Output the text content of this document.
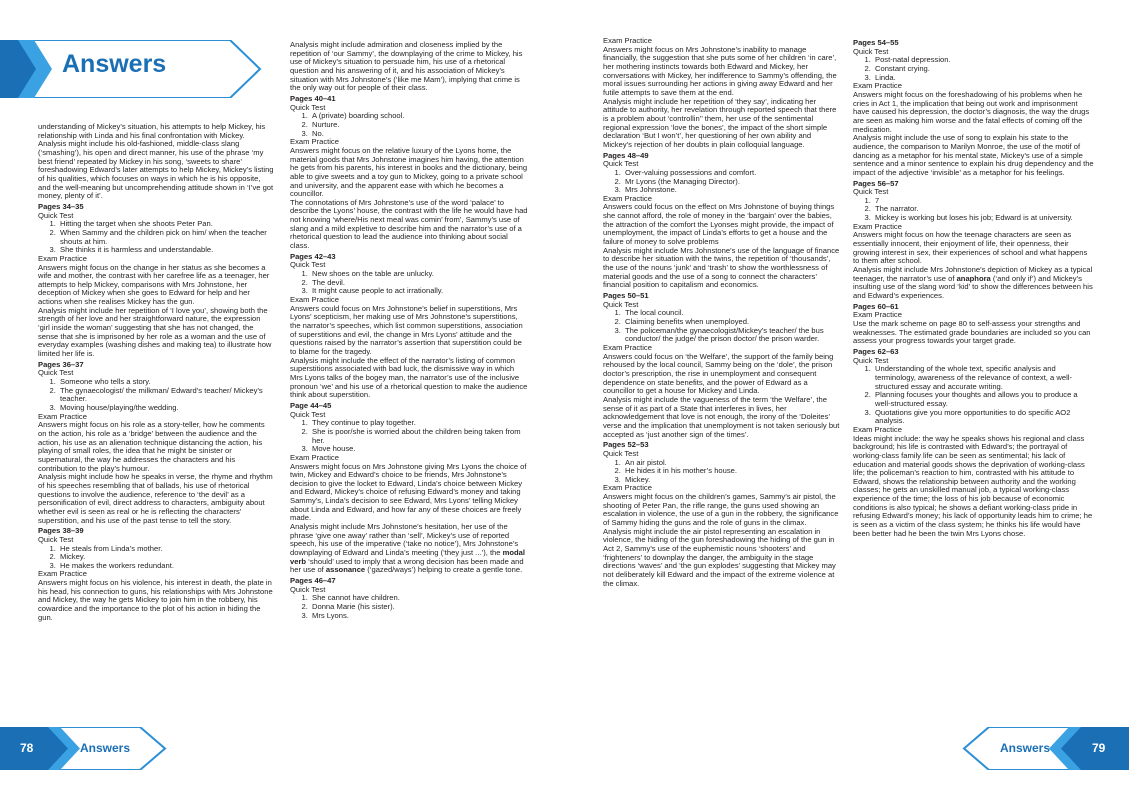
Answers

understanding of Mickey’s situation, his attempts to help Mickey, his relationship with Linda and his final confrontation with Mickey.

Analysis might include his old-fashioned, middle-class slang (‘smashing’), his open and direct manner, his use of the phrase ‘my best friend’ repeated by Mickey in his song, ‘sweets to share’ foreshadowing Edward’s later attempts to help Mickey, Mickey’s listing of his qualities, which focuses on ways in which he is his opposite, and the well-meaning but uncomprehending attitude shown in ‘I’ve got money, plenty of it’.

Pages 34–35

Quick Test

1. Hitting the target when she shoots Peter Pan.
2. When Sammy and the children pick on him/ when the teacher shouts at him.
3. She thinks it is harmless and understandable.

Exam Practice

Answers might focus on the change in her status as she becomes a wife and mother, the contrast with her carefree life as a teenager, her attempts to help Mickey, comparisons with Mrs Johnstone, her deception of Mickey when she goes to Edward for help and her actions when she realises Mickey has the gun.

Analysis might include her repetition of ‘I love you’, showing both the strength of her love and her straightforward nature, the expression ‘girl inside the woman’ suggesting that she has not changed, the sense that she is imprisoned by her role as a woman and the use of everyday examples (washing dishes and making tea) to illustrate how limited her life is.

Pages 36–37

Quick Test

1. Someone who tells a story.
2. The gynaecologist/ the milkman/ Edward’s teacher/ Mickey’s teacher.
3. Moving house/playing/the wedding.

Exam Practice

Answers might focus on his role as a story-teller, how he comments on the action, his role as a ‘bridge’ between the audience and the action, his use as an alienation technique distancing the action, his playing of small roles, the idea that he might be sinister or supernatural, the way he addresses the characters and his contribution to the play’s humour.

Analysis might include how he speaks in verse, the rhyme and rhythm of his speeches resembling that of ballads, his use of rhetorical questions to involve the audience, reference to ‘the devil’ as a personification of evil, direct address to characters, ambiguity about whether evil is seen as real or he is reflecting the characters’ superstition, and his use of the past tense to tell the story.

Pages 38–39

Quick Test

1. He steals from Linda’s mother.
2. Mickey.
3. He makes the workers redundant.

Exam Practice

Answers might focus on his violence, his interest in death, the plate in his head, his connection to guns, his relationships with Mrs Johnstone and Mickey, the way he gets Mickey to join him in the robbery, his cowardice and the importance to the plot of his action in hiding the gun.

Analysis might include admiration and closeness implied by the repetition of ‘our Sammy’, the downplaying of the crime to Mickey, his use of Mickey’s situation to persuade him, his use of a rhetorical question and his answering of it, and his association of Mickey’s situation with Mrs Johnstone’s (‘like me Mam’), implying that crime is the only way out for people of their class.

Pages 40–41

Quick Test

1. A (private) boarding school.
2. Nurture.
3. No.

Exam Practice

Answers might focus on the relative luxury of the Lyons home, the material goods that Mrs Johnstone imagines him having, the attention he gets from his parents, his interest in books and the dictionary, being able to give sweets and a toy gun to Mickey, going to a private school and university, and the apparent ease with which he becomes a councillor.

The connotations of Mrs Johnstone’s use of the word ‘palace’ to describe the Lyons’ house, the contrast with the life he would have had not knowing ‘where/His next meal was comin’ from’, Sammy’s use of slang and a mild expletive to describe him and the narrator’s use of a rhetorical question to lead the audience into thinking about social class.

Pages 42–43

Quick Test

1. New shoes on the table are unlucky.
2. The devil.
3. It might cause people to act irrationally.

Exam Practice

Answers could focus on Mrs Johnstone’s belief in superstitions, Mrs Lyons’ scepticism, her making use of Mrs Johnstone’s superstitions, the narrator’s speeches, which list common superstitions, association of superstitions and evil, the change in Mrs Lyons’ attitude and the questions raised by the narrator’s assertion that superstition could be to blame for the tragedy.

Analysis might include the effect of the narrator’s listing of common superstitions associated with bad luck, the dismissive way in which Mrs Lyons talks of the bogey man, the narrator’s use of the inclusive pronoun ‘we’ and his use of a rhetorical question to make the audience think about superstition.

Page 44–45

Quick Test

1. They continue to play together.
2. She is poor/she is worried about the children being taken from her.
3. Move house.

Exam Practice

Answers might focus on Mrs Johnstone giving Mrs Lyons the choice of twin, Mickey and Edward’s choice to be friends, Mrs Johnstone’s decision to give the locket to Edward, Linda’s choice between Mickey and Edward, Mickey’s choice of refusing Edward’s money and taking Sammy’s, Linda’s decision to see Edward, Mrs Lyons’ telling Mickey about Linda and Edward, and how far any of these choices are freely made.

Analysis might include Mrs Johnstone’s hesitation, her use of the phrase ‘give one away’ rather than ‘sell’, Mickey’s use of reported speech, his use of the imperative (‘take no notice’), Mrs Johnstone’s downplaying of Edward and Linda’s meeting (‘they just ...’), the modal verb ‘should’ used to imply that a wrong decision has been made and her use of assonance (‘gazed/ways’) helping to create a gentle tone.

Pages 46–47

Quick Test

1. She cannot have children.
2. Donna Marie (his sister).
3. Mrs Lyons.
78	Answers

Exam Practice

Answers might focus on Mrs Johnstone’s inability to manage financially, the suggestion that she puts some of her children ‘in care’, her mothering instincts towards both Edward and Mickey, her conversations with Mickey, her indifference to Sammy’s offending, the moral issues surrounding her actions in giving away Edward and her futile attempts to save them at the end.

Analysis might include her repetition of ‘they say’, indicating her attitude to authority, her revelation through reported speech that there is a problem about ‘controllin’’ them, her use of the sentimental regional expression ‘love the bones’, the impact of the short simple declaration ‘But I won’t’, her questioning of her own ability and Mickey’s rejection of her doubts in plain colloquial language.

Pages 48–49

Quick Test

1. Over-valuing possessions and comfort.
2. Mr Lyons (the Managing Director).
3. Mrs Johnstone.

Exam Practice

Answers could focus on the effect on Mrs Johnstone of buying things she cannot afford, the role of money in the ‘bargain’ over the babies, the attraction of the comfort the Lyonses might provide, the impact of unemployment, the impact of Linda’s efforts to get a house and the failure of money to solve problems

Analysis might include Mrs Johnstone’s use of the language of finance to describe her situation with the twins, the repetition of ‘thousands’, the use of the nouns ‘junk’ and ‘trash’ to show the worthlessness of material goods and the use of a song to connect the characters’ financial position to capitalism and economics.

Pages 50–51

Quick Test

1. The local council.
2. Claiming benefits when unemployed.
3. The policeman/the gynaecologist/Mickey’s teacher/ the bus conductor/ the judge/ the prison doctor/ the prison warder.

Exam Practice

Answers could focus on ‘the Welfare’, the support of the family being rehoused by the local council, Sammy being on the ‘dole’, the prison doctor’s prescription, the rise in unemployment and consequent dependence on state benefits, and the power of Edward as a councillor to get a house for Mickey and Linda.

Analysis might include the vagueness of the term ‘the Welfare’, the sense of it as part of a State that interferes in lives, her acknowledgement that love is not enough, the irony of the ‘Doleites’ verse and the implication that unemployment is not taken seriously but accepted as ‘just another sign of the times’.

Pages 52–53

Quick Test

1. An air pistol.
2. He hides it in his mother’s house.
3. Mickey.

Exam Practice

Answers might focus on the children’s games, Sammy’s air pistol, the shooting of Peter Pan, the rifle range, the guns used showing an escalation in violence, the use of a gun in the robbery, the significance of Sammy hiding the guns and the role of guns in the climax.

Analysis might include the air pistol representing an escalation in violence, the hiding of the gun foreshadowing the hiding of the gun in Act 2, Sammy’s use of the euphemistic nouns ‘shooters’ and ‘frighteners’ to downplay the danger, the ambiguity in the stage directions ‘waves’ and ‘the gun explodes’ suggesting that Mickey may not deliberately kill Edward and the impact of the extreme violence at the climax.

Pages 54–55

Quick Test

1. Post-natal depression.
2. Constant crying.
3. Linda.

Exam Practice

Answers might focus on the foreshadowing of his problems when he cries in Act 1, the implication that being out work and imprisonment have caused his depression, the doctor’s diagnosis, the way the drugs are seen as making him worse and the fatal effects of coming off the medication.

Analysis might include the use of song to explain his state to the audience, the comparison to Marilyn Monroe, the use of the motif of dancing as a metaphor for his mental state, Mickey’s use of a simple sentence and a minor sentence to explain his drug dependency and the impact of the adjective ‘invisible’ as a metaphor for his feelings.

Pages 56–57

Quick Test

1. 7
2. The narrator.
3. Mickey is working but loses his job; Edward is at university.

Exam Practice

Answers might focus on how the teenage characters are seen as essentially innocent, their enjoyment of life, their openness, their growing interest in sex, their experiences of school and what happens to them after school.

Analysis might include Mrs Johnstone’s depiction of Mickey as a typical teenager, the narrator’s use of anaphora (‘and only if’) and Mickey’s insulting use of the slang word ‘kid’ to show the differences between his and Edward’s experiences.

Pages 60–61

Exam Practice

Use the mark scheme on page 80 to self-assess your strengths and weaknesses. The estimated grade boundaries are included so you can assess your progress towards your target grade.

Pages 62–63

Quick Test

1. Understanding of the whole text, specific analysis and terminology, awareness of the relevance of context, a well-structured essay and accurate writing.
2. Planning focuses your thoughts and allows you to produce a well-structured essay.
3. Quotations give you more opportunities to do specific AO2 analysis.

Exam Practice

Ideas might include: the way he speaks shows his regional and class background; his life is contrasted with Edward’s; the portrayal of working-class family life can be seen as sentimental; his lack of education and material goods shows the deprivation of working-class life; the policeman’s reaction to him, contrasted with his attitude to Edward, shows the relationship between authority and the working classes; he gets an unskilled manual job, a typical working-class experience of the time; the loss of his job because of economic conditions is also typical; he shows a defiant working-class pride in refusing Edward’s money; his lack of opportunity leads him to crime; he is seen as a victim of the class system; he thinks his life would have been better had he been the twin Mrs Lyons chose.

Answers	79
